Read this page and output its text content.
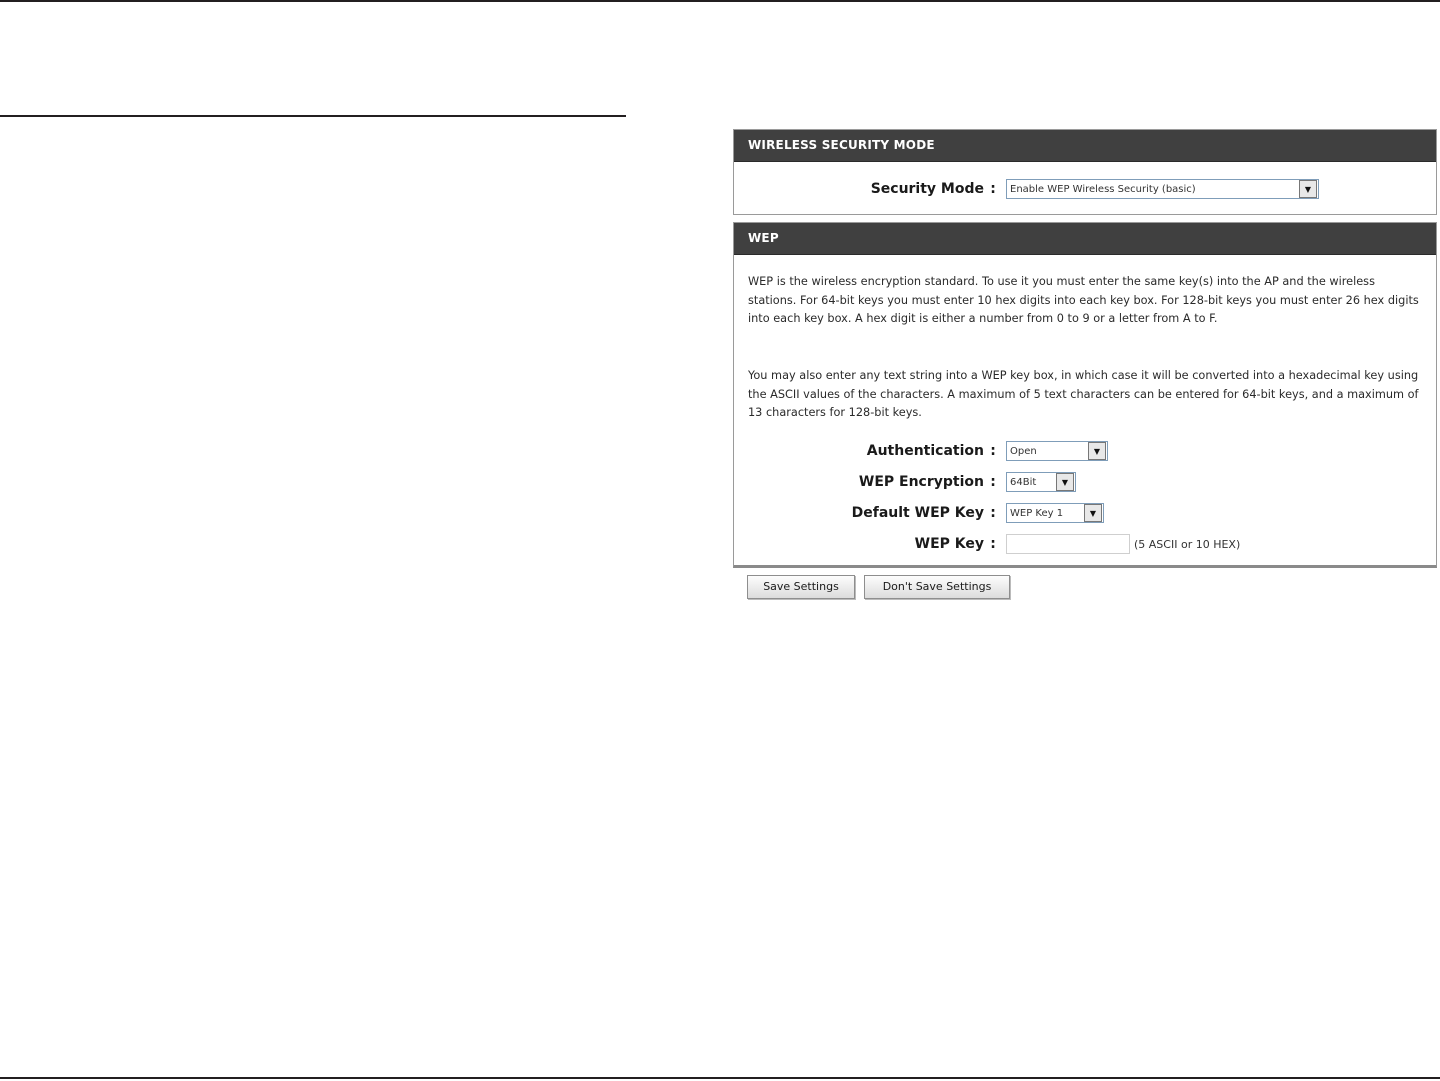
WIRELESS SECURITY MODE
Security Mode :	Enable WEP Wireless Security (basic)	▼
WEP
WEP is the wireless encryption standard. To use it you must enter the same key(s) into the AP and the wireless stations. For 64-bit keys you must enter 10 hex digits into each key box. For 128-bit keys you must enter 26 hex digits into each key box. A hex digit is either a number from 0 to 9 or a letter from A to F.
You may also enter any text string into a WEP key box, in which case it will be converted into a hexadecimal key using the ASCII values of the characters. A maximum of 5 text characters can be entered for 64-bit keys, and a maximum of 13 characters for 128-bit keys.
Authentication :	Open	▼
WEP Encryption :	64Bit	▼
Default WEP Key :	WEP Key 1	▼
WEP Key :	(5 ASCII or 10 HEX)
Save Settings	Don't Save Settings
